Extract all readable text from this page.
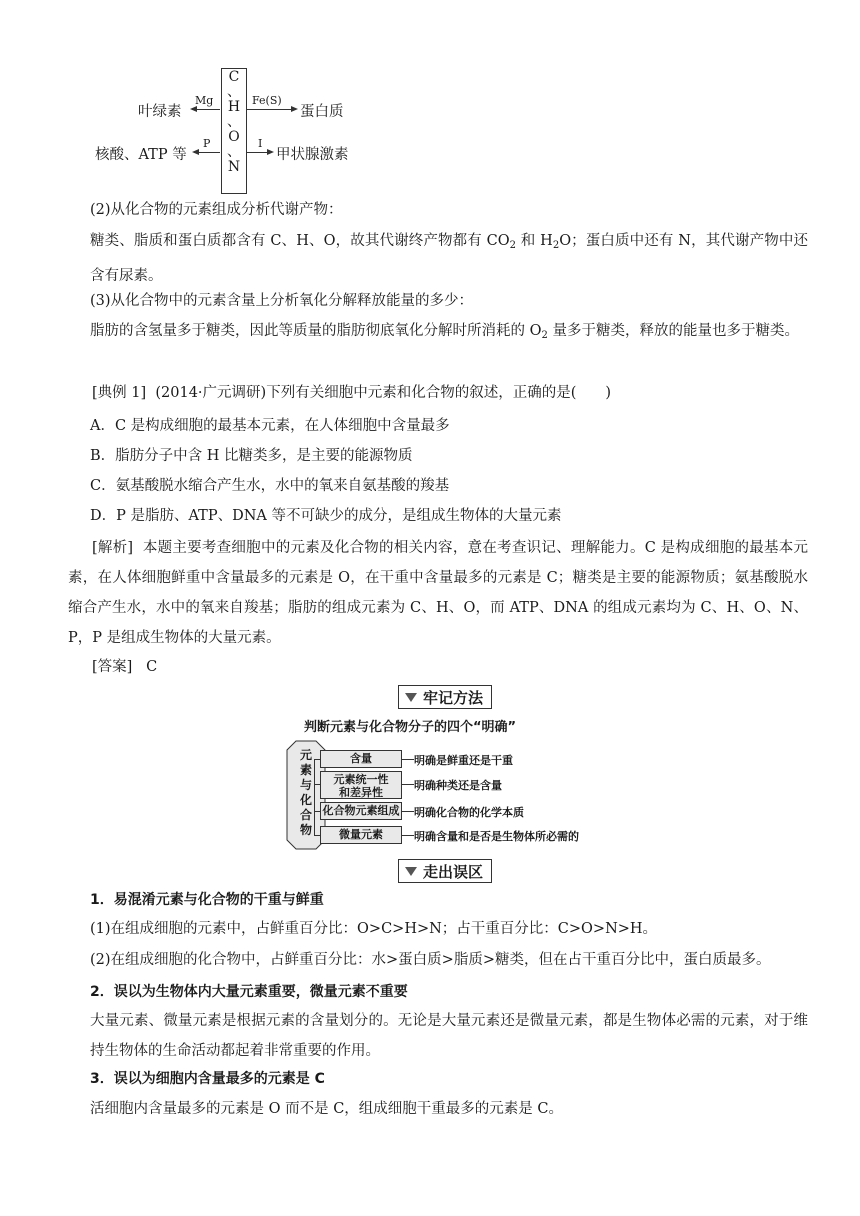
C
、
H
、
O
、
N
叶绿素
Mg
核酸、ATP 等
P
Fe(S)
蛋白质
I
甲状腺激素
(2)从化合物的元素组成分析代谢产物：
糖类、脂质和蛋白质都含有 C、H、O，故其代谢终产物都有 $CO_2$ 和 $H_2O$；蛋白质中还有 N，其代谢产物中还含有尿素。
(3)从化合物中的元素含量上分析氧化分解释放能量的多少：
脂肪的含氢量多于糖类，因此等质量的脂肪彻底氧化分解时所消耗的 $O_2$ 量多于糖类，释放的能量也多于糖类。
[典例 1] (2014·广元调研)下列有关细胞中元素和化合物的叙述，正确的是(　　)
A．C 是构成细胞的最基本元素，在人体细胞中含量最多
B．脂肪分子中含 H 比糖类多，是主要的能源物质
C．氨基酸脱水缩合产生水，水中的氧来自氨基酸的羧基
D．P 是脂肪、ATP、DNA 等不可缺少的成分，是组成生物体的大量元素
[解析] 本题主要考查细胞中的元素及化合物的相关内容，意在考查识记、理解能力。C 是构成细胞的最基本元素，在人体细胞鲜重中含量最多的元素是 O，在干重中含量最多的元素是 C；糖类是主要的能源物质；氨基酸脱水缩合产生水，水中的氧来自羧基；脂肪的组成元素为 C、H、O，而 ATP、DNA 的组成元素均为 C、H、O、N、P，P 是组成生物体的大量元素。
[答案] C
牢记方法
判断元素与化合物分子的四个“明确”
元素与化合物
含量	明确是鲜重还是干重
元素统一性
和差异性
明确种类还是含量
化合物元素组成 明确化合物的化学本质
微量元素	明确含量和是否是生物体所必需的
走出误区
1．易混淆元素与化合物的干重与鲜重
(1)在组成细胞的元素中，占鲜重百分比：O>C>H>N；占干重百分比：C>O>N>H。
(2)在组成细胞的化合物中，占鲜重百分比：水>蛋白质>脂质>糖类，但在占干重百分比中，蛋白质最多。
2．误以为生物体内大量元素重要，微量元素不重要
大量元素、微量元素是根据元素的含量划分的。无论是大量元素还是微量元素，都是生物体必需的元素，对于维持生物体的生命活动都起着非常重要的作用。
3．误以为细胞内含量最多的元素是 C
活细胞内含量最多的元素是 O 而不是 C，组成细胞干重最多的元素是 C。
